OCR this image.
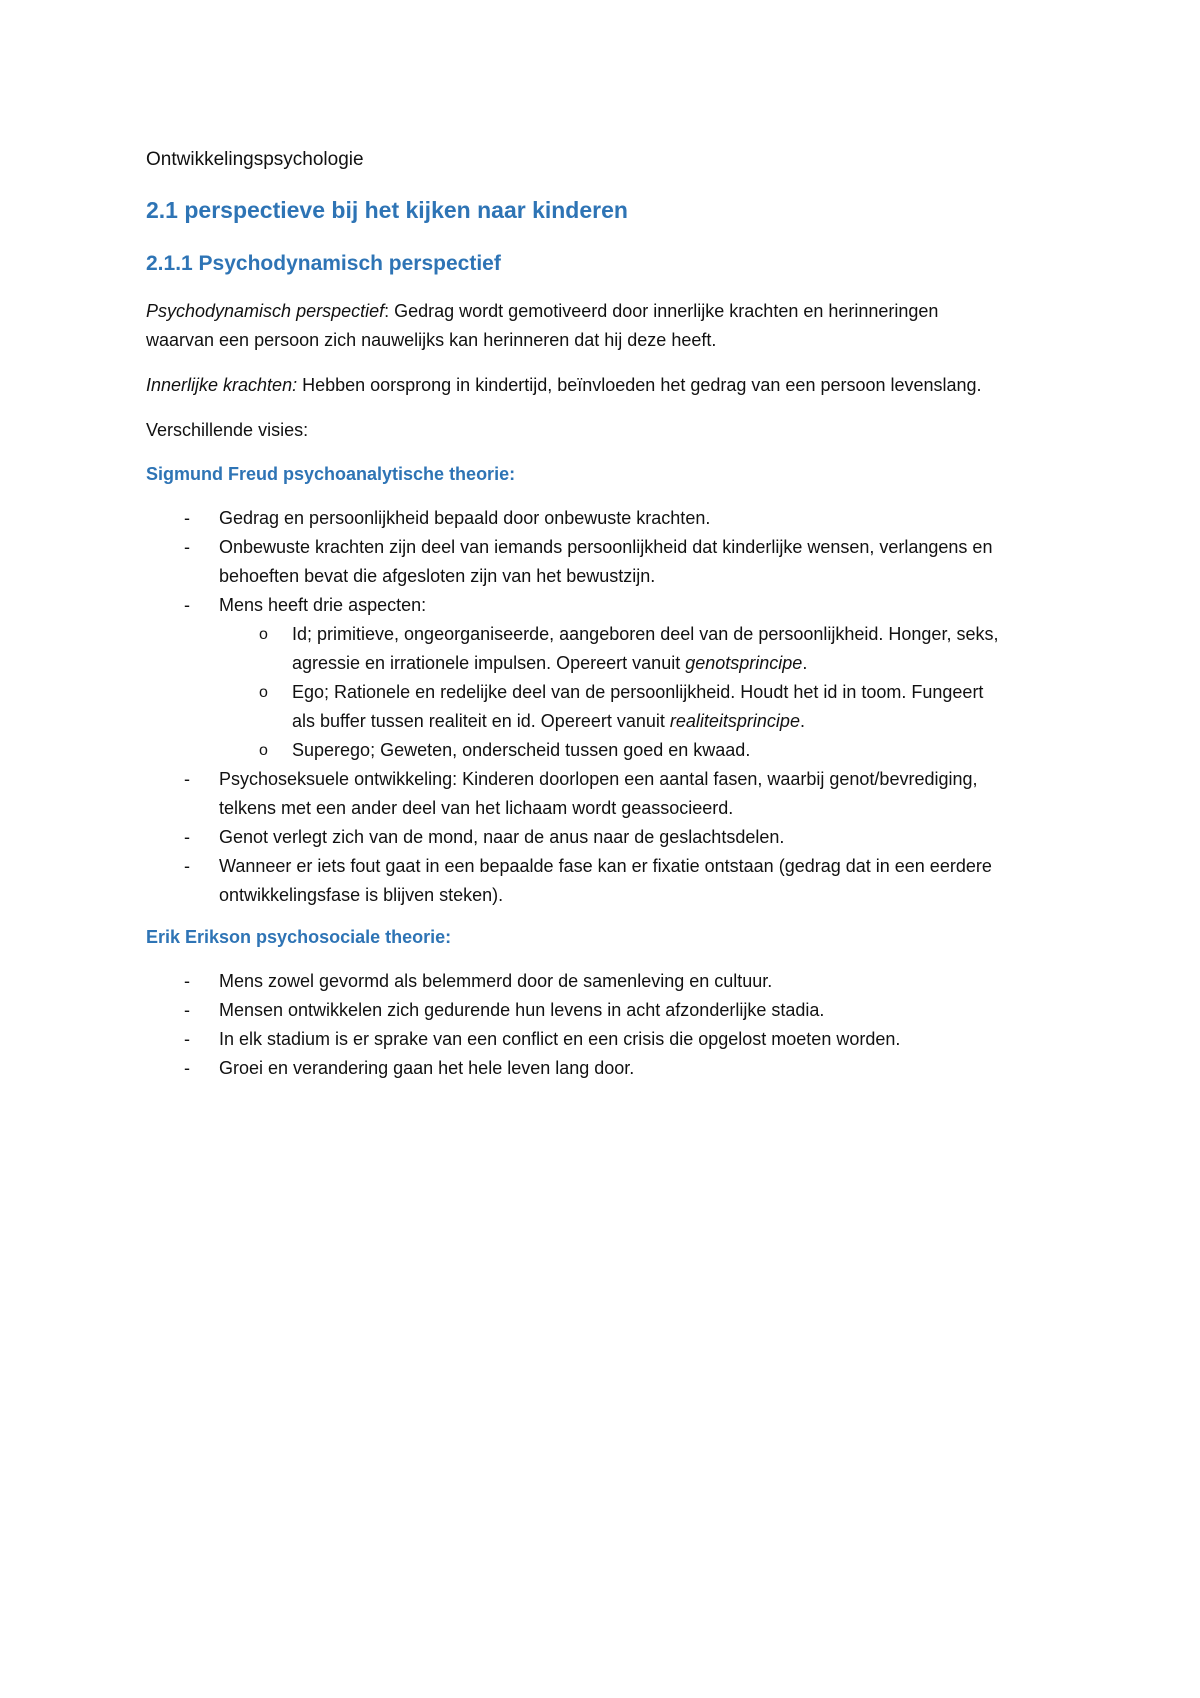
Ontwikkelingspsychologie
2.1 perspectieve bij het kijken naar kinderen
2.1.1 Psychodynamisch perspectief

Psychodynamisch perspectief: Gedrag wordt gemotiveerd door innerlijke krachten en herinneringen waarvan een persoon zich nauwelijks kan herinneren dat hij deze heeft.

Innerlijke krachten: Hebben oorsprong in kindertijd, beïnvloeden het gedrag van een persoon levenslang.

Verschillende visies:

Sigmund Freud psychoanalytische theorie:
- Gedrag en persoonlijkheid bepaald door onbewuste krachten.
- Onbewuste krachten zijn deel van iemands persoonlijkheid dat kinderlijke wensen, verlangens en behoeften bevat die afgesloten zijn van het bewustzijn.
- Mens heeft drie aspecten:
o Id; primitieve, ongeorganiseerde, aangeboren deel van de persoonlijkheid. Honger, seks, agressie en irrationele impulsen. Opereert vanuit genotsprincipe.
o Ego; Rationele en redelijke deel van de persoonlijkheid. Houdt het id in toom. Fungeert als buffer tussen realiteit en id. Opereert vanuit realiteitsprincipe.
o Superego; Geweten, onderscheid tussen goed en kwaad.
- Psychoseksuele ontwikkeling: Kinderen doorlopen een aantal fasen, waarbij genot/bevrediging, telkens met een ander deel van het lichaam wordt geassocieerd.
- Genot verlegt zich van de mond, naar de anus naar de geslachtsdelen.
- Wanneer er iets fout gaat in een bepaalde fase kan er fixatie ontstaan (gedrag dat in een eerdere ontwikkelingsfase is blijven steken).
Erik Erikson psychosociale theorie:
- Mens zowel gevormd als belemmerd door de samenleving en cultuur.
- Mensen ontwikkelen zich gedurende hun levens in acht afzonderlijke stadia.
- In elk stadium is er sprake van een conflict en een crisis die opgelost moeten worden.
- Groei en verandering gaan het hele leven lang door.
